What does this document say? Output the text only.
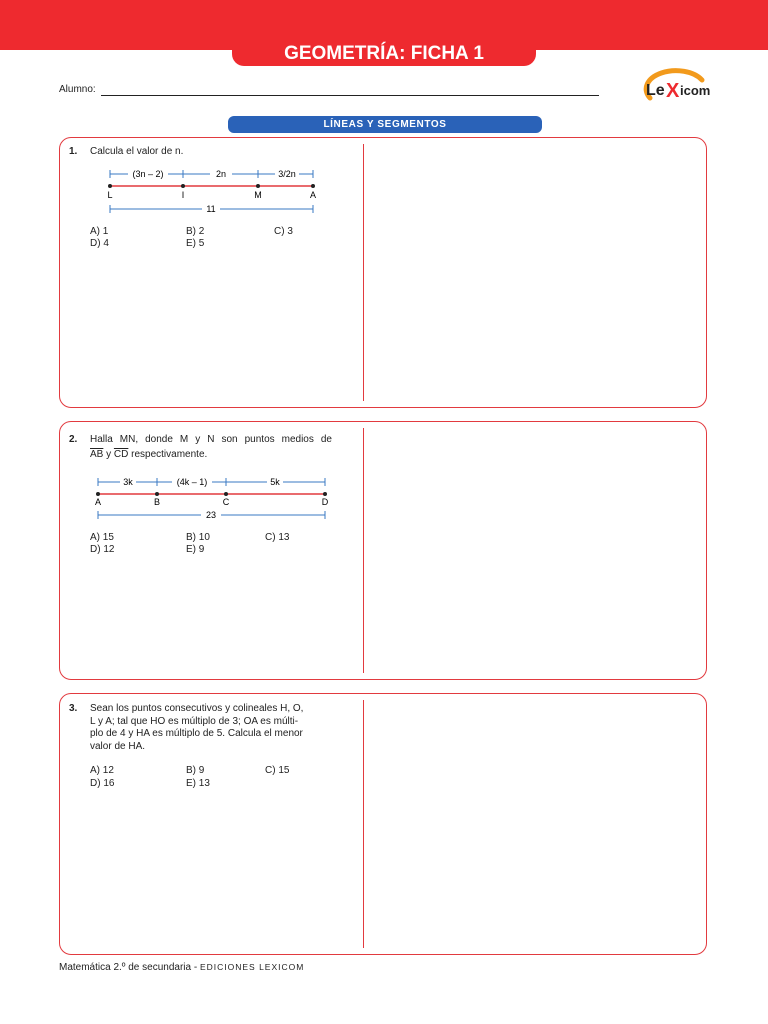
GEOMETRÍA: FICHA 1
Alumno:	Le X icom
LÍNEAS Y SEGMENTOS
1. Calcula el valor de n.
(3n – 2)	2n	3/2n
L	I	M	A
11
A) 1	B) 2	C) 3
D) 4	E) 5
2. Halla MN, donde M y N son puntos medios de
$\overline{AB}$ y $\overline{CD}$ respectivamente.
3k	(4k – 1)	5k
A	B	C	D
23
A) 15	B) 10	C) 13
D) 12	E) 9
3. Sean los puntos consecutivos y colineales H, O,
L y A; tal que HO es múltiplo de 3; OA es múlti-
plo de 4 y HA es múltiplo de 5. Calcula el menor
valor de HA.
A) 12	B) 9	C) 15
D) 16	E) 13
Matemática 2.º de secundaria - EDICIONES LEXICOM
